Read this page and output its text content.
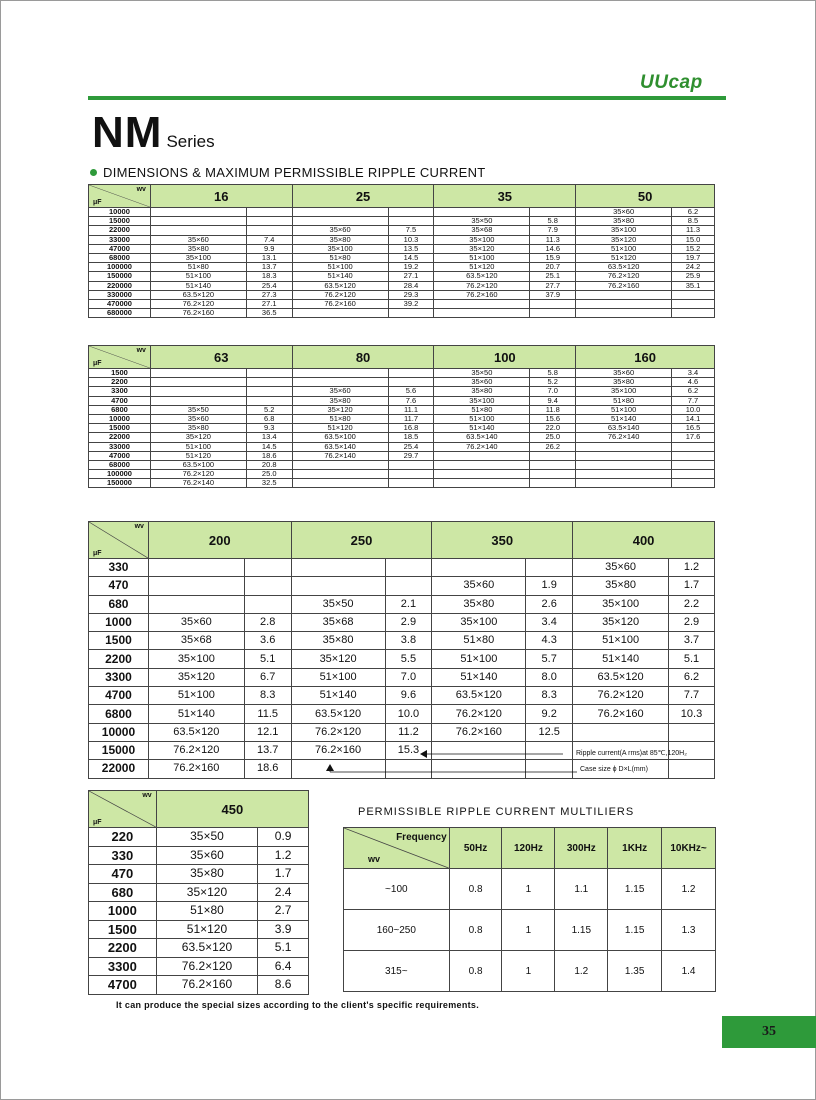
UUcap
NM Series
DIMENSIONS & MAXIMUM PERMISSIBLE RIPPLE CURRENT
wv
μF	16		25		35		50	
10000							35×60	6.2
15000					35×50	5.8	35×80	8.5
22000			35×60	7.5	35×68	7.9	35×100	11.3
33000	35×60	7.4	35×80	10.3	35×100	11.3	35×120	15.0
47000	35×80	9.9	35×100	13.5	35×120	14.6	51×100	15.2
68000	35×100	13.1	51×80	14.5	51×100	15.9	51×120	19.7
100000	51×80	13.7	51×100	19.2	51×120	20.7	63.5×120	24.2
150000	51×100	18.3	51×140	27.1	63.5×120	25.1	76.2×120	25.9
220000	51×140	25.4	63.5×120	28.4	76.2×120	27.7	76.2×160	35.1
330000	63.5×120	27.3	76.2×120	29.3	76.2×160	37.9		
470000	76.2×120	27.1	76.2×160	39.2				
680000	76.2×160	36.5						
wv
μF	63		80		100		160	
1500					35×50	5.8	35×60	3.4
2200					35×60	5.2	35×80	4.6
3300			35×60	5.6	35×80	7.0	35×100	6.2
4700			35×80	7.6	35×100	9.4	51×80	7.7
6800	35×50	5.2	35×120	11.1	51×80	11.8	51×100	10.0
10000	35×60	6.8	51×80	11.7	51×100	15.6	51×140	14.1
15000	35×80	9.3	51×120	16.8	51×140	22.0	63.5×140	16.5
22000	35×120	13.4	63.5×100	18.5	63.5×140	25.0	76.2×140	17.6
33000	51×100	14.5	63.5×140	25.4	76.2×140	26.2		
47000	51×120	18.6	76.2×140	29.7				
68000	63.5×100	20.8						
100000	76.2×120	25.0						
150000	76.2×140	32.5						
wv
μF	200		250		350		400	
330							35×60	1.2
470					35×60	1.9	35×80	1.7
680			35×50	2.1	35×80	2.6	35×100	2.2
1000	35×60	2.8	35×68	2.9	35×100	3.4	35×120	2.9
1500	35×68	3.6	35×80	3.8	51×80	4.3	51×100	3.7
2200	35×100	5.1	35×120	5.5	51×100	5.7	51×140	5.1
3300	35×120	6.7	51×100	7.0	51×140	8.0	63.5×120	6.2
4700	51×100	8.3	51×140	9.6	63.5×120	8.3	76.2×120	7.7
6800	51×140	11.5	63.5×120	10.0	76.2×120	9.2	76.2×160	10.3
10000	63.5×120	12.1	76.2×120	11.2	76.2×160	12.5		
15000	76.2×120	13.7	76.2×160	15.3				
22000	76.2×160	18.6						
Ripple current(A rms)at 85℃,120H₂
Case size ϕ D×L(mm)
wv
μF	450	
220	35×50	0.9
330	35×60	1.2
470	35×80	1.7
680	35×120	2.4
1000	51×80	2.7
1500	51×120	3.9
2200	63.5×120	5.1
3300	76.2×120	6.4
4700	76.2×160	8.6
PERMISSIBLE RIPPLE CURRENT MULTILIERS
Frequency
wv	50Hz	120Hz	300Hz	1KHz	10KHz~
~100	0.8	1	1.1	1.15	1.2
160~250	0.8	1	1.15	1.15	1.3
315~	0.8	1	1.2	1.35	1.4
It can produce the special sizes according to the client's specific requirements.
35
